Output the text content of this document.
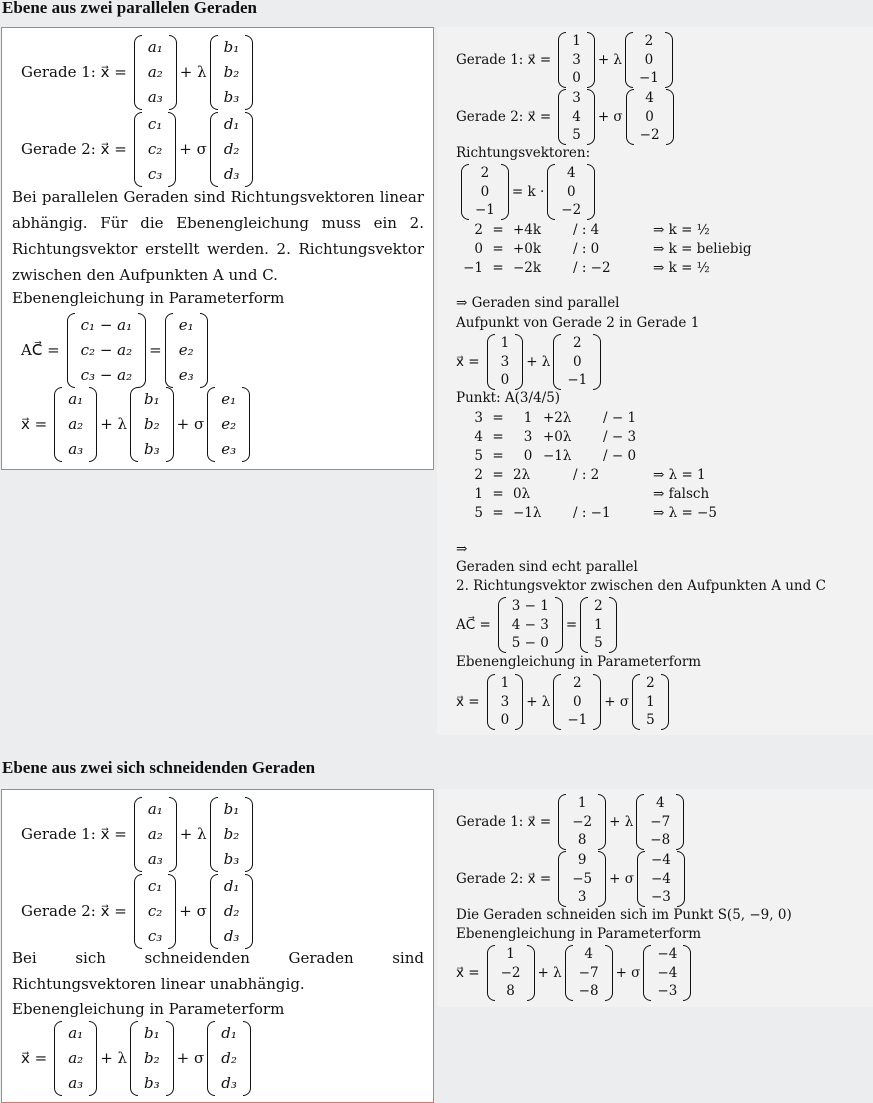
Ebene aus zwei parallelen Geraden
Gerade 1: x⃗ =
a₁
a₂
a₃
+ λ
b₁
b₂
b₃
Gerade 2: x⃗ =
c₁
c₂
c₃
+ σ
d₁
d₂
d₃
Bei parallelen Geraden sind Richtungsvektoren linear abhängig. Für die Ebenengleichung muss ein 2. Richtungsvektor erstellt werden. 2. Richtungsvektor zwischen den Aufpunkten A und C.
Ebenengleichung in Parameterform
AC⃗ =
c₁ − a₁
c₂ − a₂
c₃ − a₂
=
e₁
e₂
e₃
x⃗ =
a₁
a₂
a₃
+ λ
b₁
b₂
b₃
+ σ
e₁
e₂
e₃
Gerade 1: x⃗ =
1
3
0
+ λ
2
0
−1
Gerade 2: x⃗ =
3
4
5
+ σ
4
0
−2
Richtungsvektoren:
2
0
−1
= k ·
4
0
−2
2 = +4k	/ : 4	⇒ k = ½
0 = +0k	/ : 0	⇒ k = beliebig
−1 = −2k	/ : −2	⇒ k = ½
⇒ Geraden sind parallel
Aufpunkt von Gerade 2 in Gerade 1
x⃗ =
1
3
0
+ λ
2
0
−1
Punkt: A(3/4/5)
3 =	1 +2λ	/ − 1
4 =	3 +0λ	/ − 3
5 =	0 −1λ	/ − 0
2 = 2λ	/ : 2	⇒ λ = 1
1 = 0λ	⇒ falsch
5 = −1λ	/ : −1	⇒ λ = −5
⇒
Geraden sind echt parallel
2. Richtungsvektor zwischen den Aufpunkten A und C
AC⃗ =
3 − 1
4 − 3
5 − 0
=
2
1
5
Ebenengleichung in Parameterform
x⃗ =
1
3
0
+ λ
2
0
−1
+ σ
2
1
5
Ebene aus zwei sich schneidenden Geraden
Gerade 1: x⃗ =
a₁
a₂
a₃
+ λ
b₁
b₂
b₃
Gerade 2: x⃗ =
c₁
c₂
c₃
+ σ
d₁
d₂
d₃
Bei sich schneidenden Geraden sind Richtungsvektoren linear unabhängig.
Ebenengleichung in Parameterform
x⃗ =
a₁
a₂
a₃
+ λ
b₁
b₂
b₃
+ σ
d₁
d₂
d₃
Gerade 1: x⃗ =
1
−2
8
+ λ
4
−7
−8
Gerade 2: x⃗ =
9
−5
3
+ σ
−4
−4
−3
Die Geraden schneiden sich im Punkt S(5, −9, 0)
Ebenengleichung in Parameterform
x⃗ =
1
−2
8
+ λ
4
−7
−8
+ σ
−4
−4
−3
